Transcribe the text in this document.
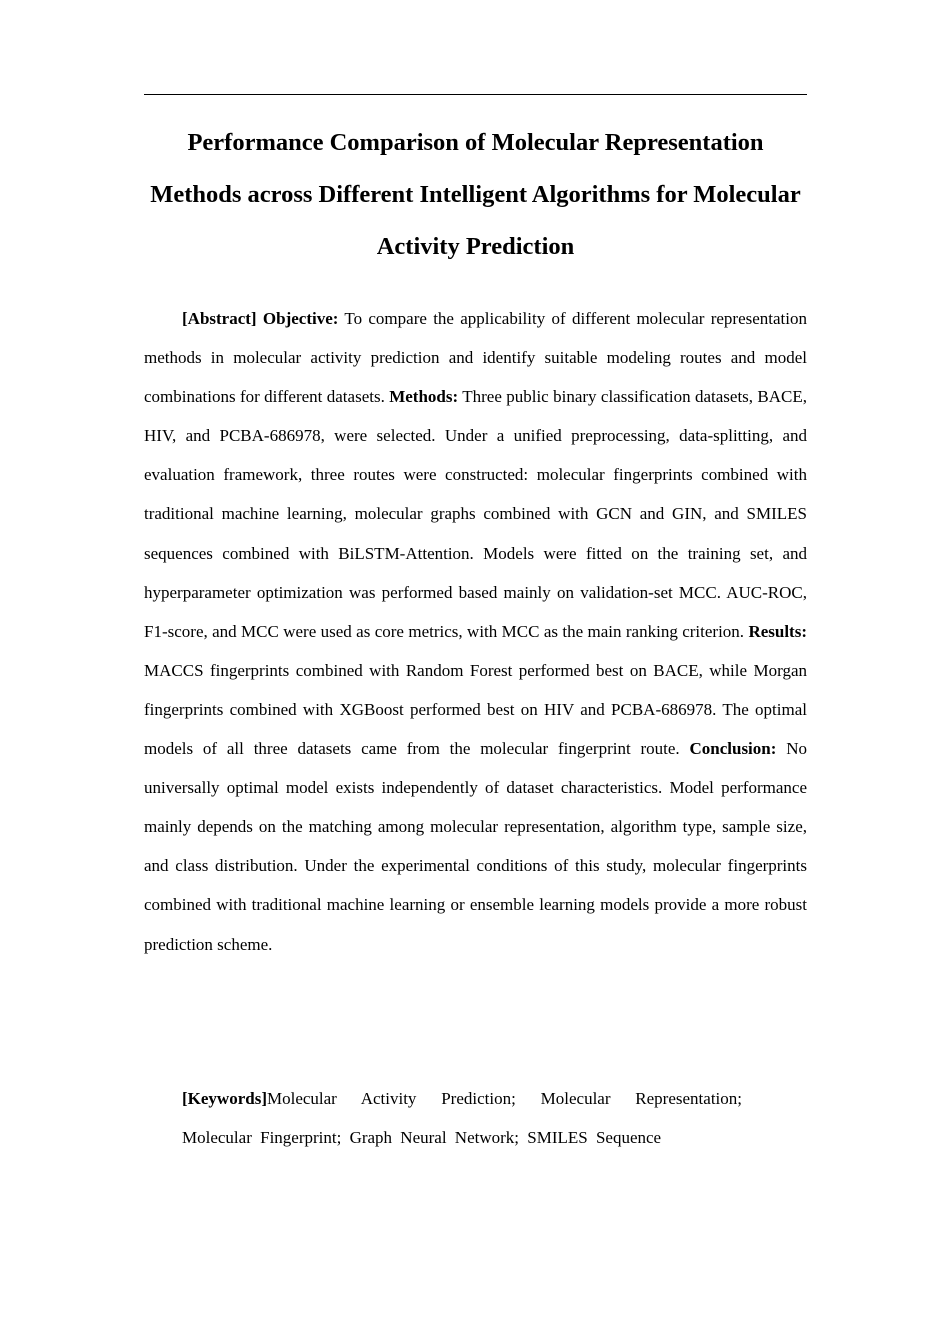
Performance Comparison of Molecular Representation Methods across Different Intelligent Algorithms for Molecular Activity Prediction

[Abstract] Objective: To compare the applicability of different molecular representation methods in molecular activity prediction and identify suitable modeling routes and model combinations for different datasets. Methods: Three public binary classification datasets, BACE, HIV, and PCBA-686978, were selected. Under a unified preprocessing, data-splitting, and evaluation framework, three routes were constructed: molecular fingerprints combined with traditional machine learning, molecular graphs combined with GCN and GIN, and SMILES sequences combined with BiLSTM-Attention. Models were fitted on the training set, and hyperparameter optimization was performed based mainly on validation-set MCC. AUC-ROC, F1-score, and MCC were used as core metrics, with MCC as the main ranking criterion. Results: MACCS fingerprints combined with Random Forest performed best on BACE, while Morgan fingerprints combined with XGBoost performed best on HIV and PCBA-686978. The optimal models of all three datasets came from the molecular fingerprint route. Conclusion: No universally optimal model exists independently of dataset characteristics. Model performance mainly depends on the matching among molecular representation, algorithm type, sample size, and class distribution. Under the experimental conditions of this study, molecular fingerprints combined with traditional machine learning or ensemble learning models provide a more robust prediction scheme.

[Keywords]Molecular Activity Prediction; Molecular Representation;
Molecular Fingerprint; Graph Neural Network; SMILES Sequence
